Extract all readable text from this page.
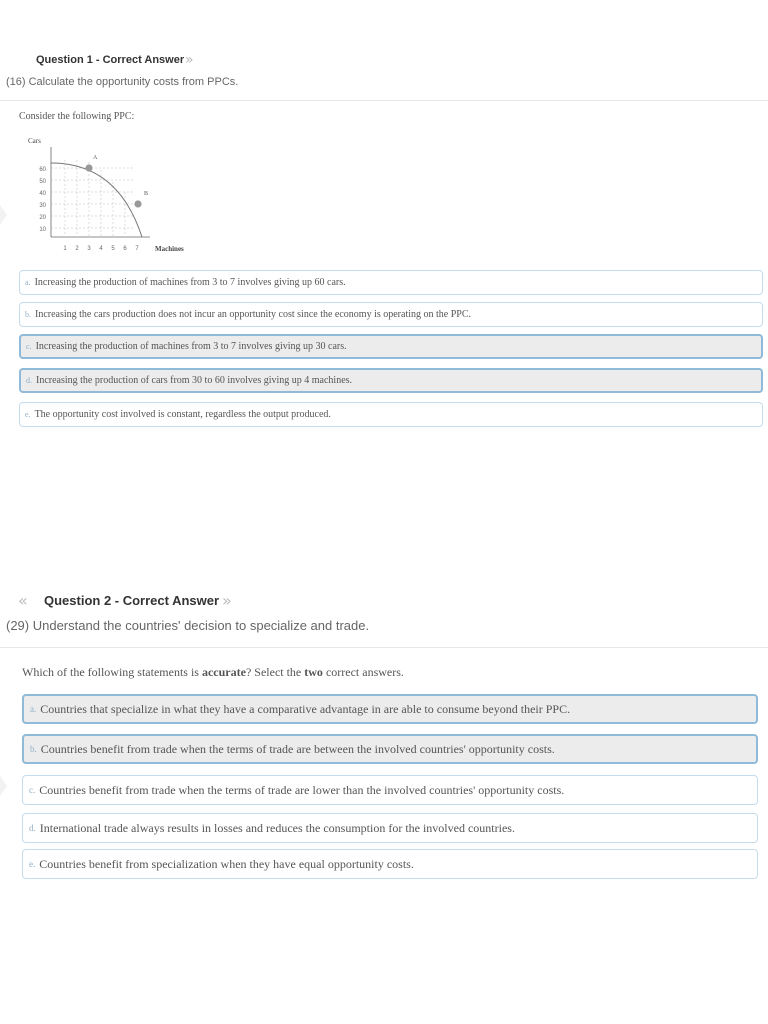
Question 1 - Correct Answer »
(16) Calculate the opportunity costs from PPCs.
Consider the following PPC:
Cars
A
B
60
50
40
30
20
10
1 2 3 4 5 6 7 Machines
a. Increasing the production of machines from 3 to 7 involves giving up 60 cars.
b. Increasing the cars production does not incur an opportunity cost since the economy is operating on the PPC.
c. Increasing the production of machines from 3 to 7 involves giving up 30 cars.
d. Increasing the production of cars from 30 to 60 involves giving up 4 machines.
e. The opportunity cost involved is constant, regardless the output produced.
« Question 2 - Correct Answer »
(29) Understand the countries' decision to specialize and trade.
Which of the following statements is accurate? Select the two correct answers.
a. Countries that specialize in what they have a comparative advantage in are able to consume beyond their PPC.
b. Countries benefit from trade when the terms of trade are between the involved countries' opportunity costs.
c. Countries benefit from trade when the terms of trade are lower than the involved countries' opportunity costs.
d. International trade always results in losses and reduces the consumption for the involved countries.
e. Countries benefit from specialization when they have equal opportunity costs.
